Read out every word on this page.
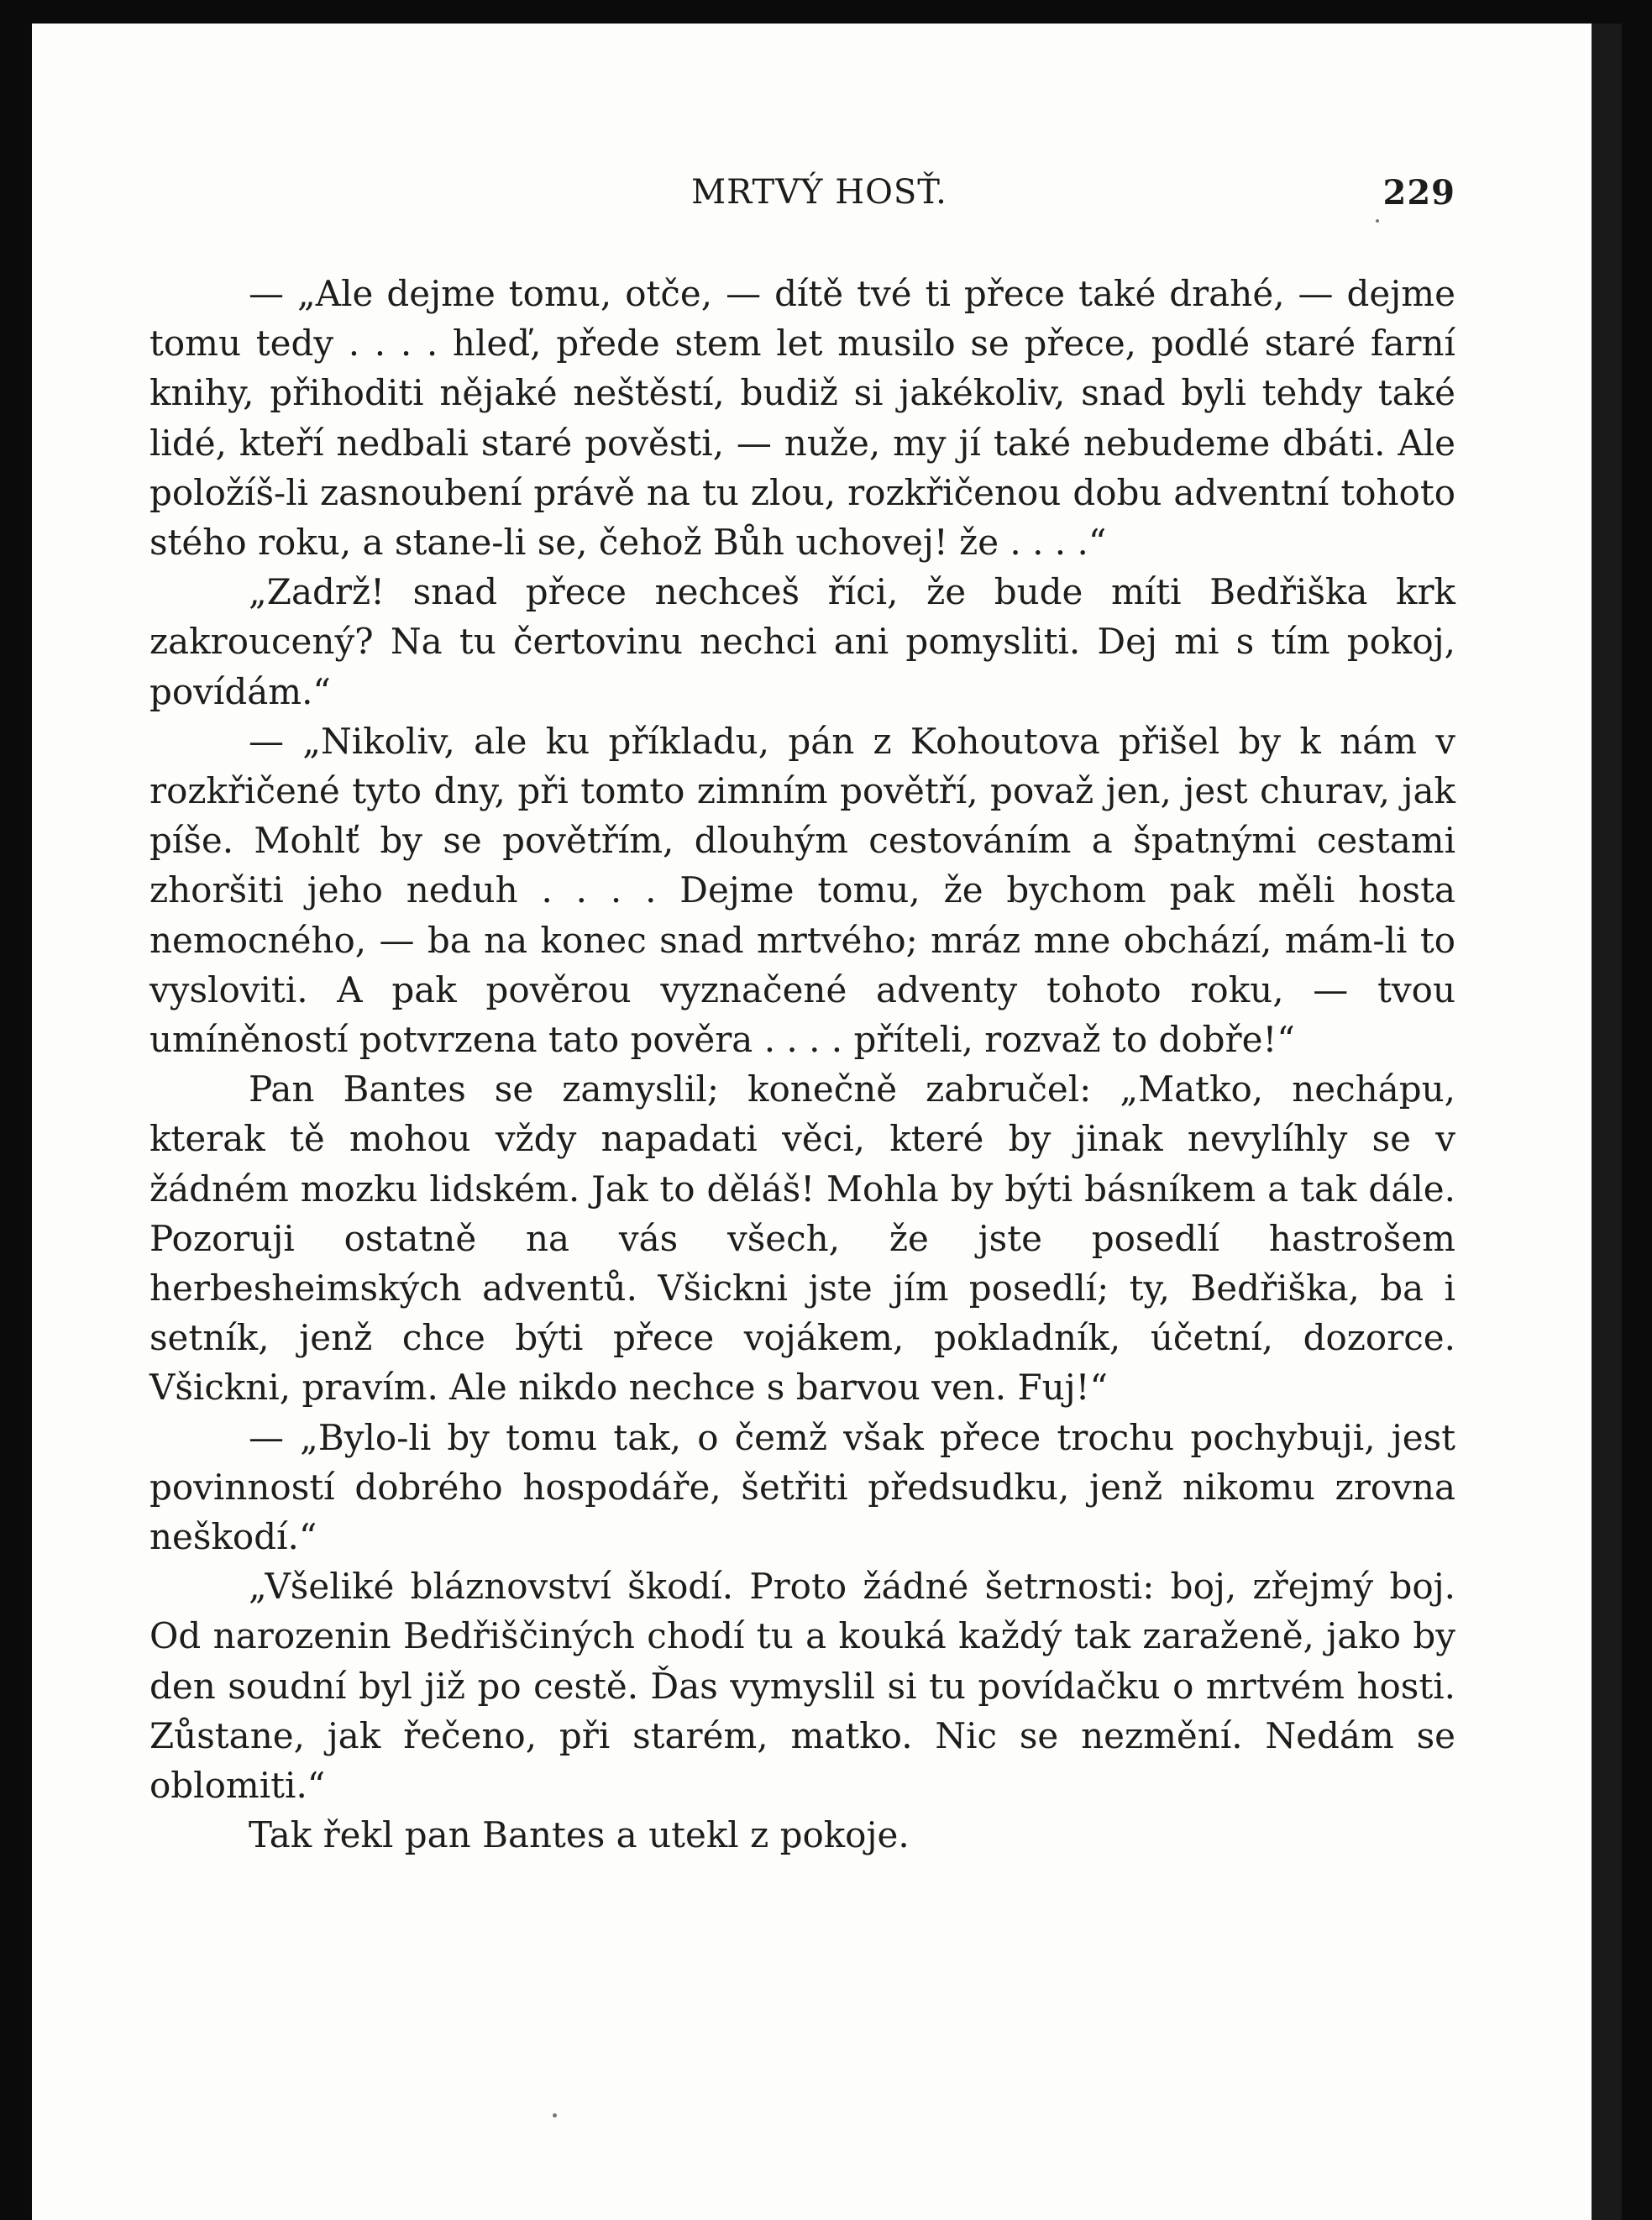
MRTVÝ HOSŤ.	229

— „Ale dejme tomu, otče, — dítě tvé ti přece také drahé, — dejme tomu tedy . . . . hleď, přede stem let musilo se přece, podlé staré farní knihy, přihoditi nějaké neštěstí, budiž si jakékoliv, snad byli tehdy také lidé, kteří nedbali staré pověsti, — nuže, my jí také nebudeme dbáti. Ale položíš-li zasnoubení právě na tu zlou, rozkřičenou dobu adventní tohoto stého roku, a stane-li se, čehož Bůh uchovej! že . . . .“

„Zadrž! snad přece nechceš říci, že bude míti Bedřiška krk zakroucený? Na tu čertovinu nechci ani pomysliti. Dej mi s tím pokoj, povídám.“

— „Nikoliv, ale ku příkladu, pán z Kohoutova přišel by k nám v rozkřičené tyto dny, při tomto zimním povětří, považ jen, jest churav, jak píše. Mohlť by se povětřím, dlouhým cestováním a špatnými cestami zhoršiti jeho neduh . . . . Dejme tomu, že bychom pak měli hosta nemocného, — ba na konec snad mrtvého; mráz mne obchází, mám-li to vysloviti. A pak pověrou vyznačené adventy tohoto roku, — tvou umíněností potvrzena tato pověra . . . . příteli, rozvaž to dobře!“

Pan Bantes se zamyslil; konečně zabručel: „Matko, nechápu, kterak tě mohou vždy napadati věci, které by jinak nevylíhly se v žádném mozku lidském. Jak to děláš! Mohla by býti básníkem a tak dále. Pozoruji ostatně na vás všech, že jste posedlí hastrošem herbesheimských adventů. Všickni jste jím posedlí; ty, Bedřiška, ba i setník, jenž chce býti přece vojákem, pokladník, účetní, dozorce. Všickni, pravím. Ale nikdo nechce s barvou ven. Fuj!“

— „Bylo-li by tomu tak, o čemž však přece trochu pochybuji, jest povinností dobrého hospodáře, šetřiti předsudku, jenž nikomu zrovna neškodí.“

„Všeliké bláznovství škodí. Proto žádné šetrnosti: boj, zřejmý boj. Od narozenin Bedřiščiných chodí tu a kouká každý tak zaraženě, jako by den soudní byl již po cestě. Ďas vymyslil si tu povídačku o mrtvém hosti. Zůstane, jak řečeno, při starém, matko. Nic se nezmění. Nedám se oblomiti.“

Tak řekl pan Bantes a utekl z pokoje.
